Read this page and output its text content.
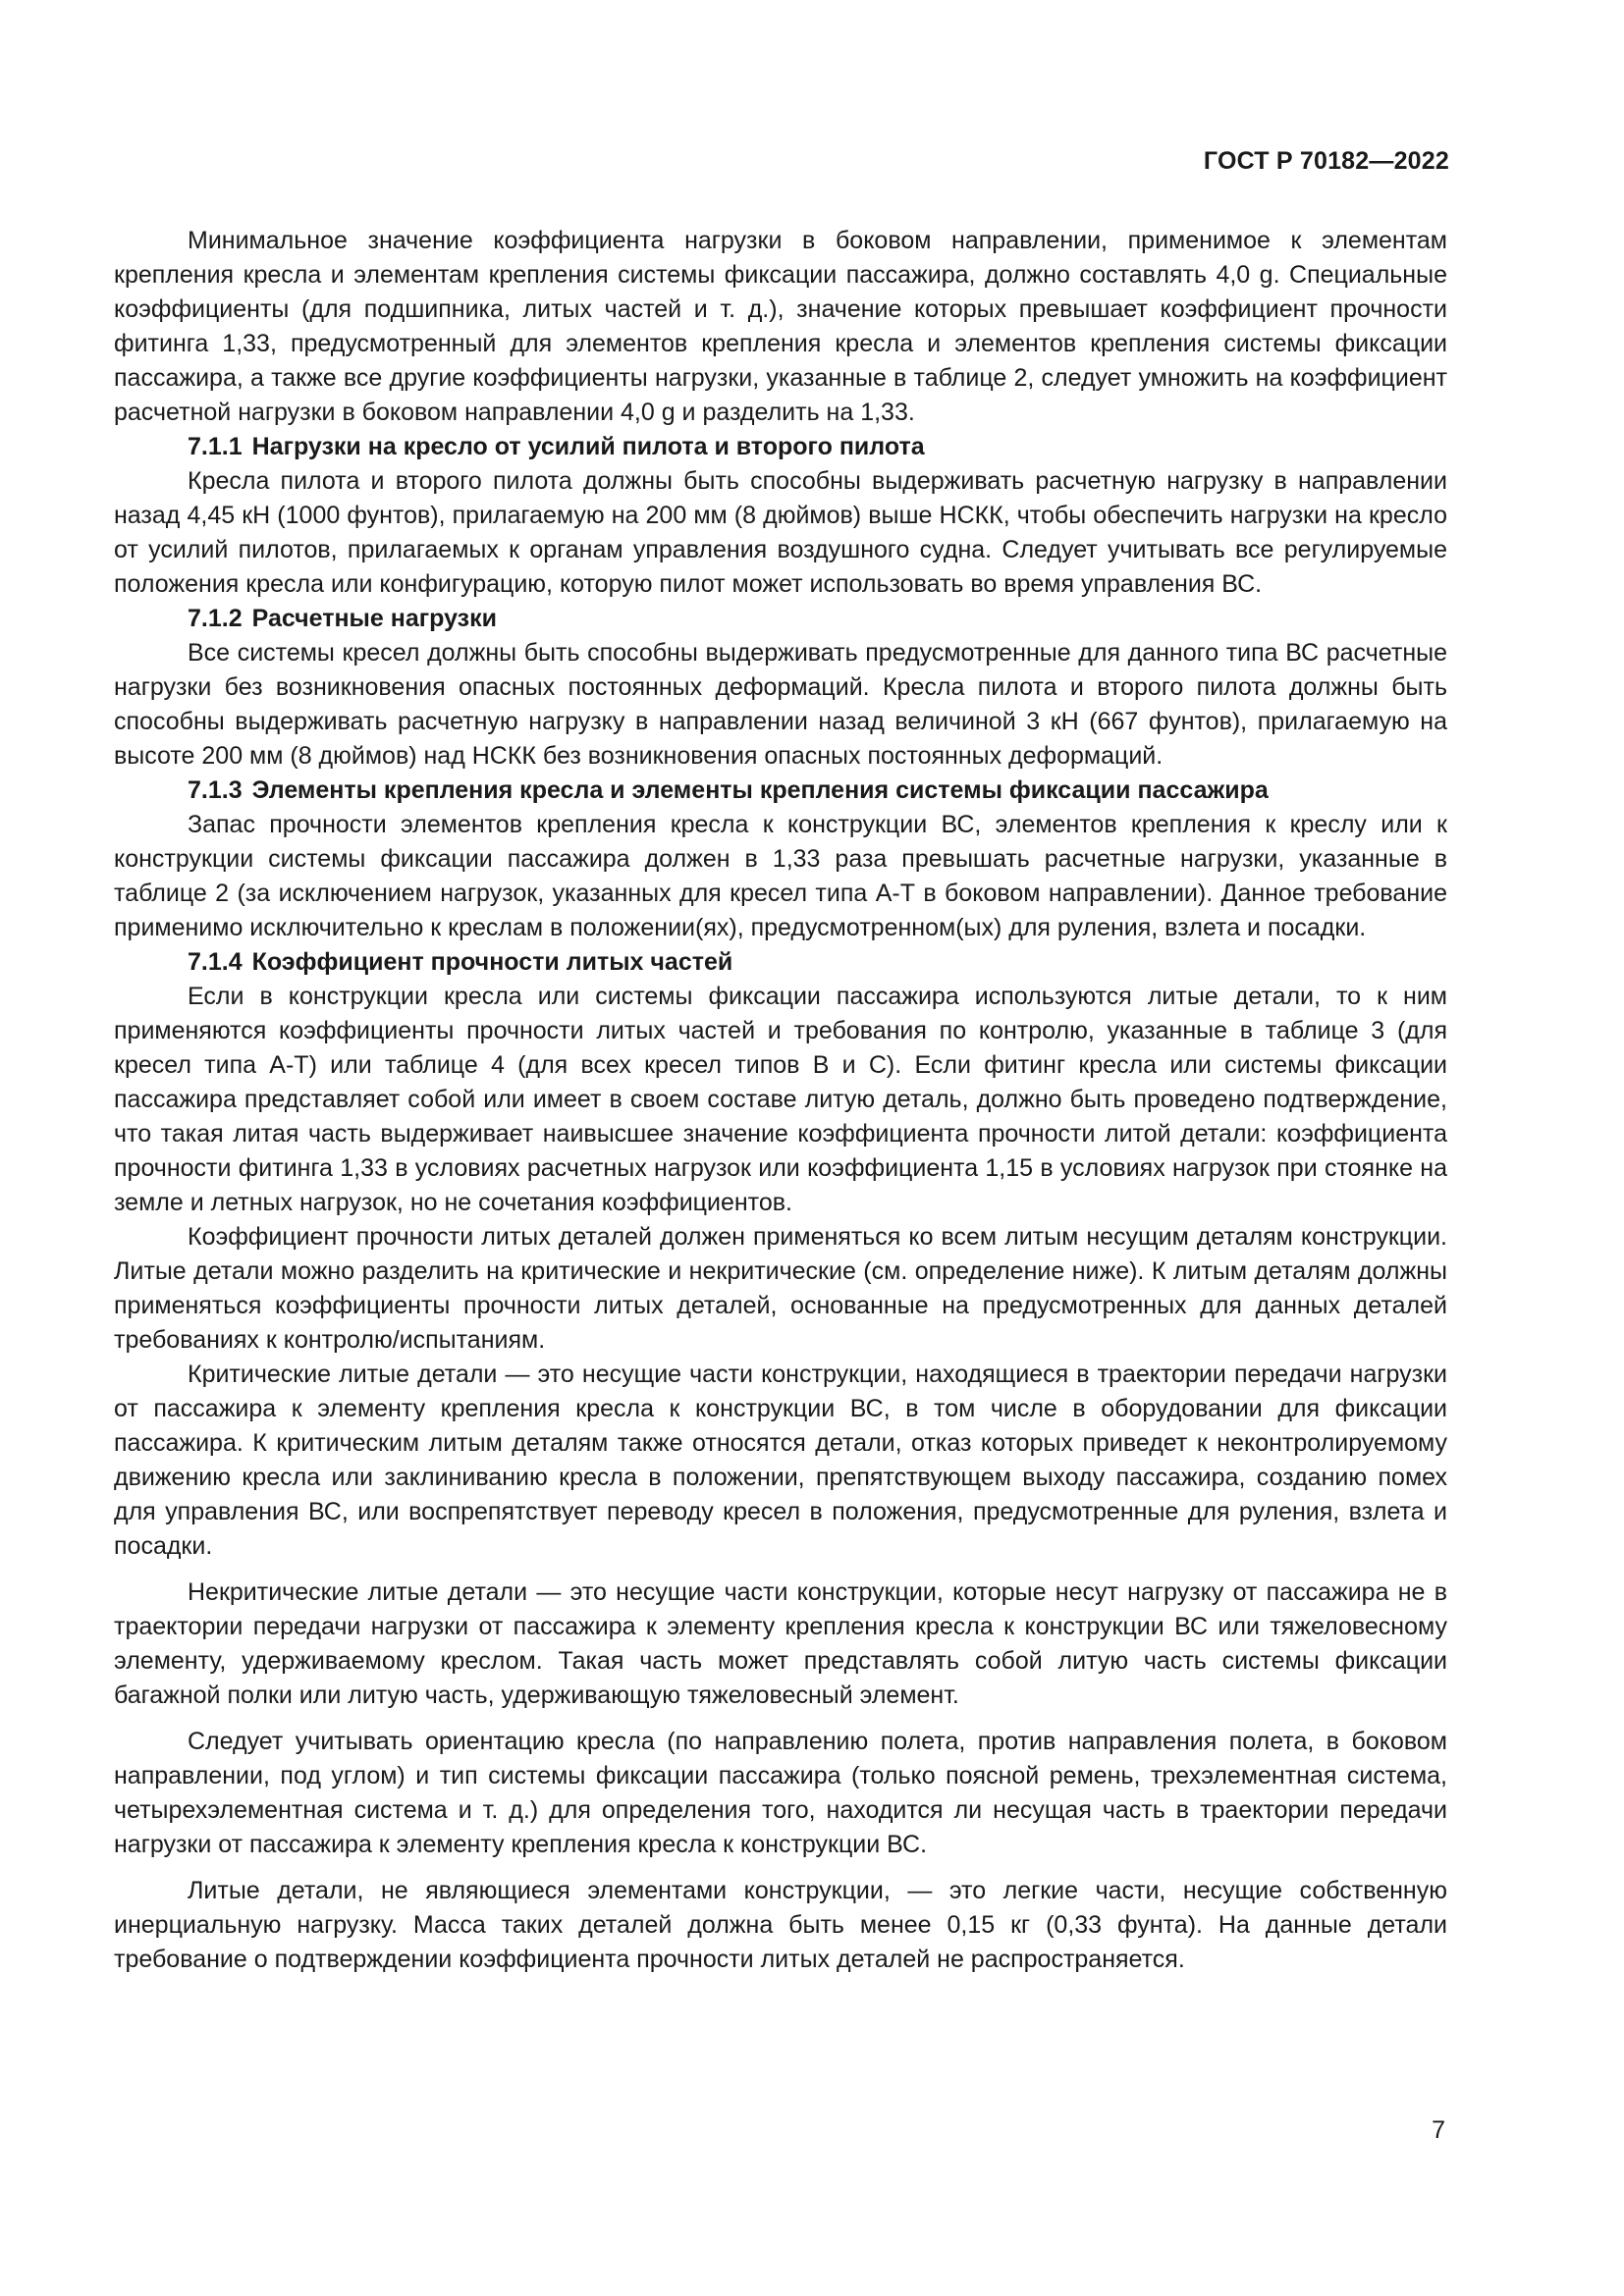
ГОСТ Р 70182—2022

Минимальное значение коэффициента нагрузки в боковом направлении, применимое к элементам крепления кресла и элементам крепления системы фиксации пассажира, должно составлять 4,0 g. Специальные коэффициенты (для подшипника, литых частей и т. д.), значение которых превышает коэффициент прочности фитинга 1,33, предусмотренный для элементов крепления кресла и элементов крепления системы фиксации пассажира, а также все другие коэффициенты нагрузки, указанные в таблице 2, следует умножить на коэффициент расчетной нагрузки в боковом направлении 4,0 g и разделить на 1,33.

7.1.1 Нагрузки на кресло от усилий пилота и второго пилота

Кресла пилота и второго пилота должны быть способны выдерживать расчетную нагрузку в направлении назад 4,45 кН (1000 фунтов), прилагаемую на 200 мм (8 дюймов) выше НСКК, чтобы обеспечить нагрузки на кресло от усилий пилотов, прилагаемых к органам управления воздушного судна. Следует учитывать все регулируемые положения кресла или конфигурацию, которую пилот может использовать во время управления ВС.

7.1.2 Расчетные нагрузки

Все системы кресел должны быть способны выдерживать предусмотренные для данного типа ВС расчетные нагрузки без возникновения опасных постоянных деформаций. Кресла пилота и второго пилота должны быть способны выдерживать расчетную нагрузку в направлении назад величиной 3 кН (667 фунтов), прилагаемую на высоте 200 мм (8 дюймов) над НСКК без возникновения опасных постоянных деформаций.

7.1.3 Элементы крепления кресла и элементы крепления системы фиксации пассажира

Запас прочности элементов крепления кресла к конструкции ВС, элементов крепления к креслу или к конструкции системы фиксации пассажира должен в 1,33 раза превышать расчетные нагрузки, указанные в таблице 2 (за исключением нагрузок, указанных для кресел типа А-Т в боковом направлении). Данное требование применимо исключительно к креслам в положении(ях), предусмотренном(ых) для руления, взлета и посадки.

7.1.4 Коэффициент прочности литых частей

Если в конструкции кресла или системы фиксации пассажира используются литые детали, то к ним применяются коэффициенты прочности литых частей и требования по контролю, указанные в таблице 3 (для кресел типа А-Т) или таблице 4 (для всех кресел типов В и С). Если фитинг кресла или системы фиксации пассажира представляет собой или имеет в своем составе литую деталь, должно быть проведено подтверждение, что такая литая часть выдерживает наивысшее значение коэффициента прочности литой детали: коэффициента прочности фитинга 1,33 в условиях расчетных нагрузок или коэффициента 1,15 в условиях нагрузок при стоянке на земле и летных нагрузок, но не сочетания коэффициентов.

Коэффициент прочности литых деталей должен применяться ко всем литым несущим деталям конструкции. Литые детали можно разделить на критические и некритические (см. определение ниже). К литым деталям должны применяться коэффициенты прочности литых деталей, основанные на предусмотренных для данных деталей требованиях к контролю/испытаниям.

Критические литые детали — это несущие части конструкции, находящиеся в траектории передачи нагрузки от пассажира к элементу крепления кресла к конструкции ВС, в том числе в оборудовании для фиксации пассажира. К критическим литым деталям также относятся детали, отказ которых приведет к неконтролируемому движению кресла или заклиниванию кресла в положении, препятствующем выходу пассажира, созданию помех для управления ВС, или воспрепятствует переводу кресел в положения, предусмотренные для руления, взлета и посадки.

Некритические литые детали — это несущие части конструкции, которые несут нагрузку от пассажира не в траектории передачи нагрузки от пассажира к элементу крепления кресла к конструкции ВС или тяжеловесному элементу, удерживаемому креслом. Такая часть может представлять собой литую часть системы фиксации багажной полки или литую часть, удерживающую тяжеловесный элемент.

Следует учитывать ориентацию кресла (по направлению полета, против направления полета, в боковом направлении, под углом) и тип системы фиксации пассажира (только поясной ремень, трехэлементная система, четырехэлементная система и т. д.) для определения того, находится ли несущая часть в траектории передачи нагрузки от пассажира к элементу крепления кресла к конструкции ВС.

Литые детали, не являющиеся элементами конструкции, — это легкие части, несущие собственную инерциальную нагрузку. Масса таких деталей должна быть менее 0,15 кг (0,33 фунта). На данные детали требование о подтверждении коэффициента прочности литых деталей не распространяется.

7
